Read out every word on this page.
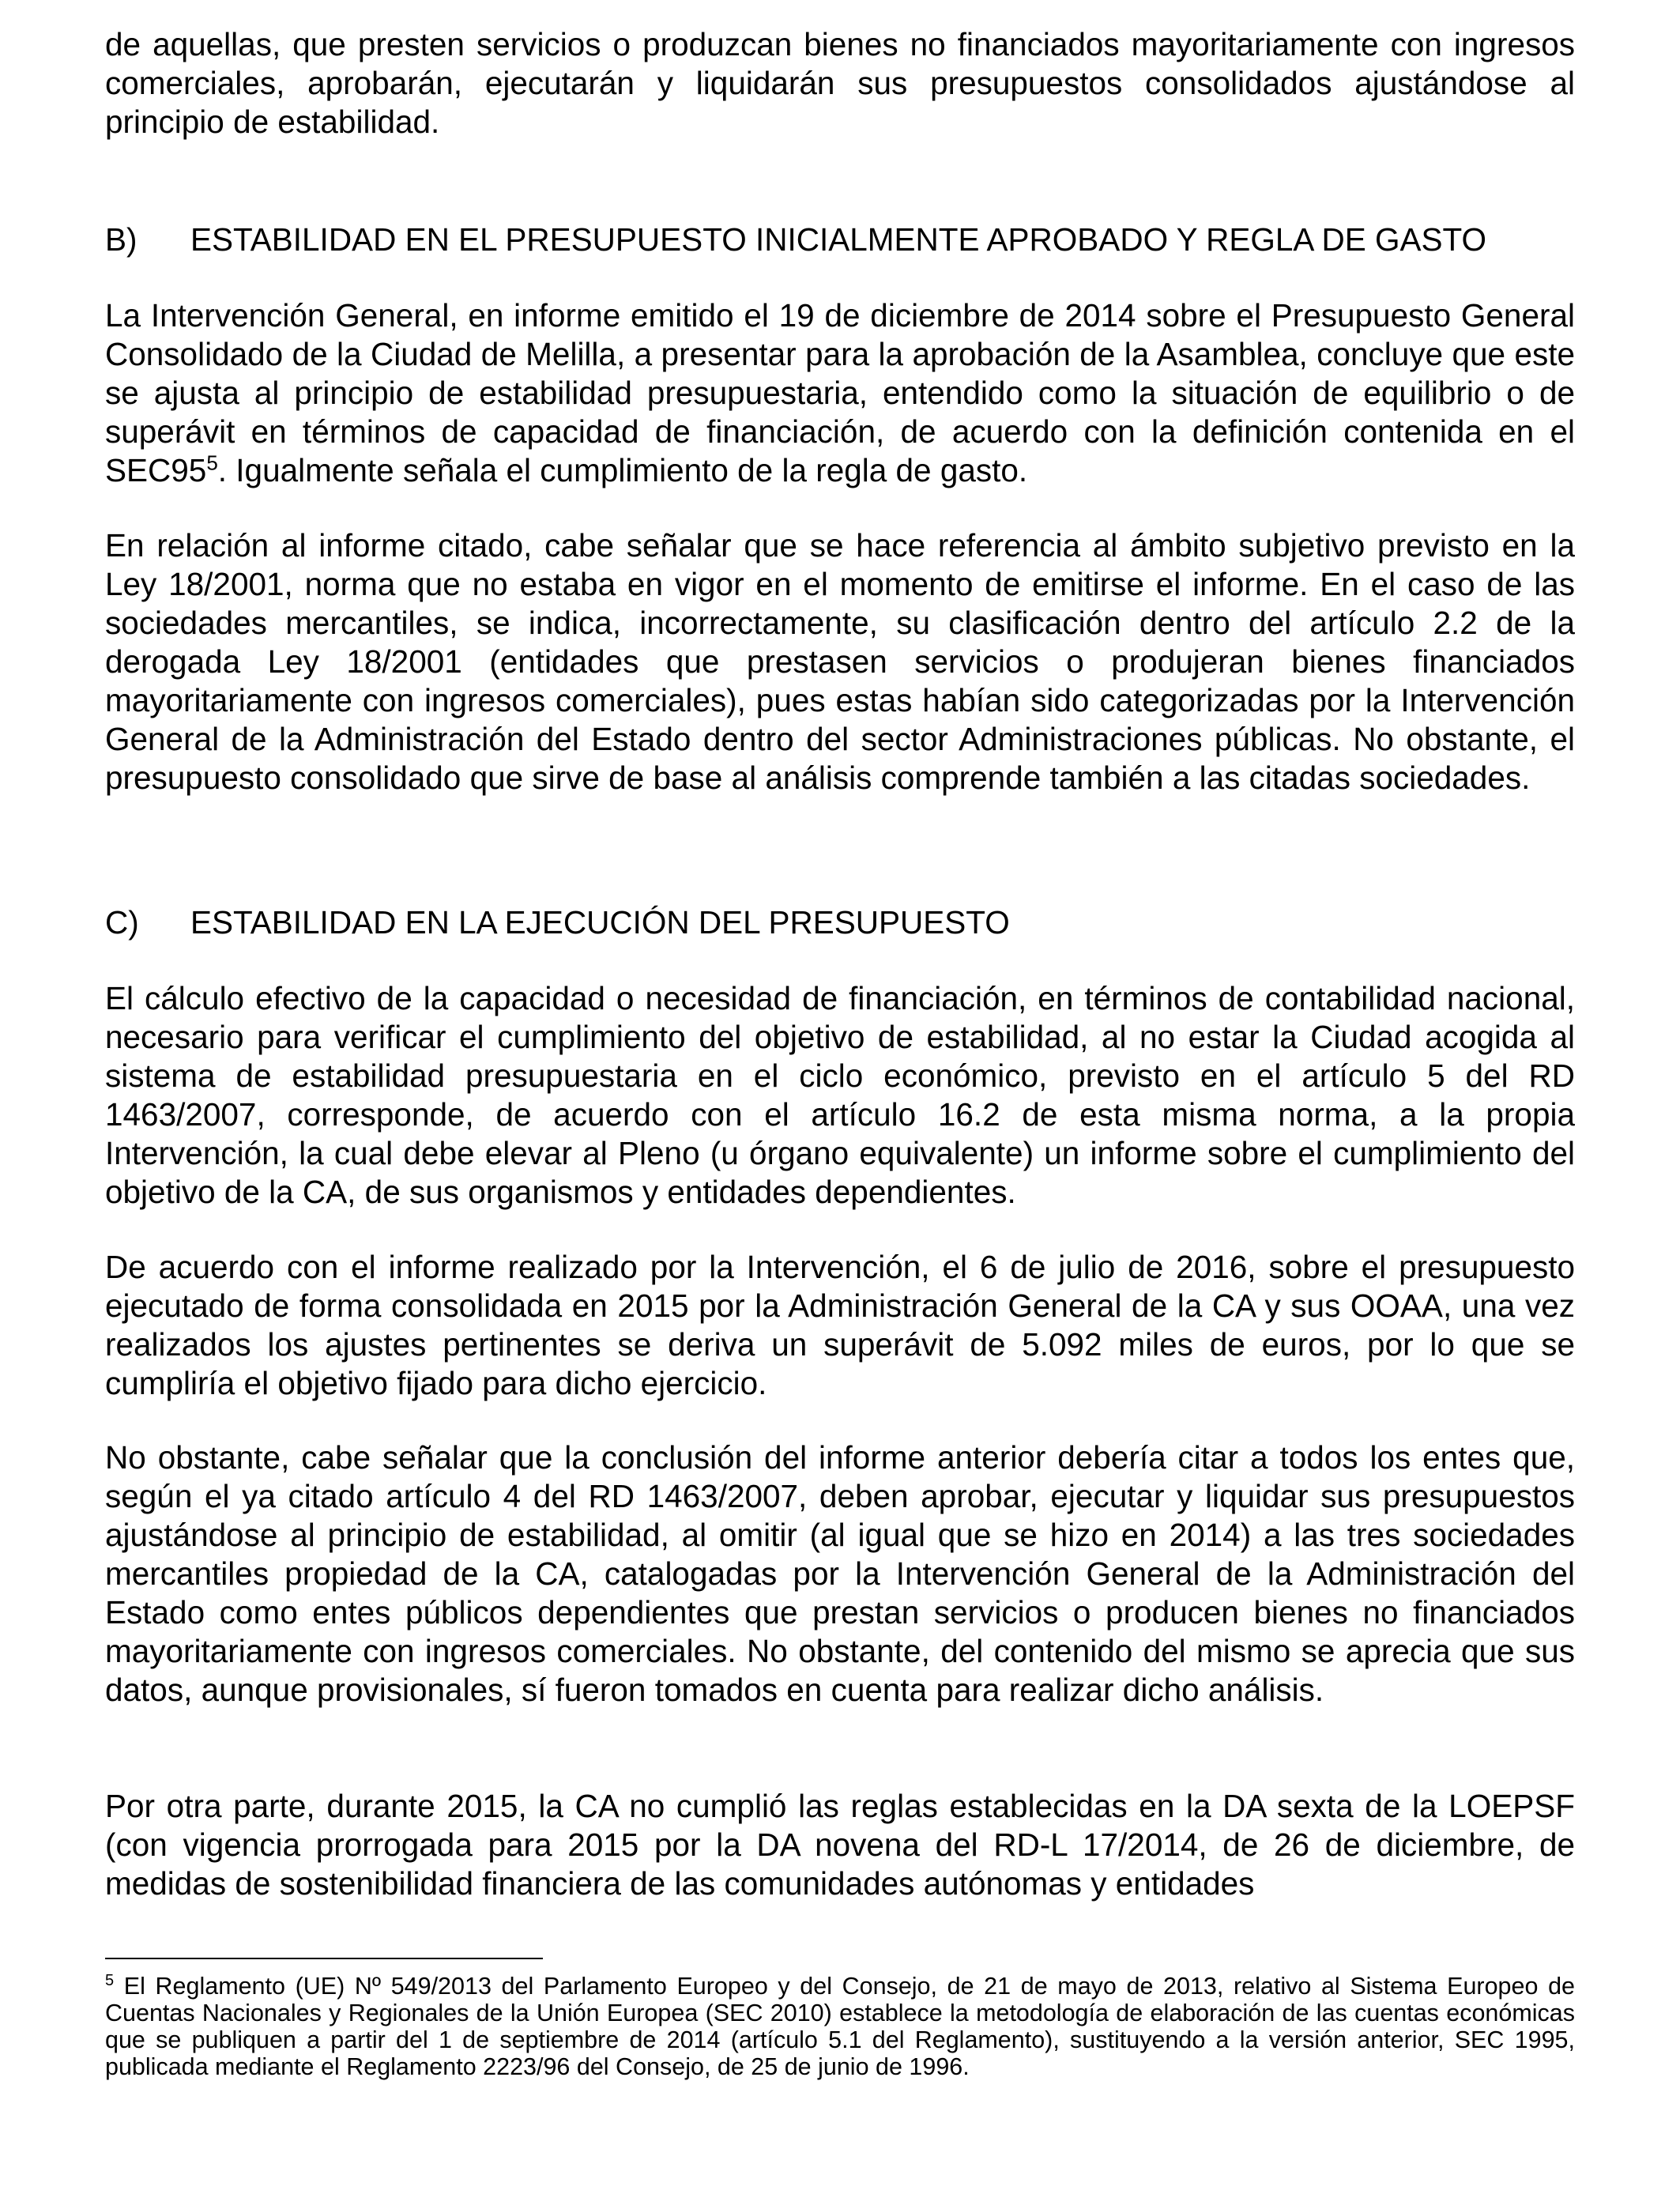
de aquellas, que presten servicios o produzcan bienes no financiados mayoritariamente con ingresos comerciales, aprobarán, ejecutarán y liquidarán sus presupuestos consolidados ajustándose al principio de estabilidad.

B) ESTABILIDAD EN EL PRESUPUESTO INICIALMENTE APROBADO Y REGLA DE GASTO

La Intervención General, en informe emitido el 19 de diciembre de 2014 sobre el Presupuesto General Consolidado de la Ciudad de Melilla, a presentar para la aprobación de la Asamblea, concluye que este se ajusta al principio de estabilidad presupuestaria, entendido como la situación de equilibrio o de superávit en términos de capacidad de financiación, de acuerdo con la definición contenida en el $SEC95^5$. Igualmente señala el cumplimiento de la regla de gasto.

En relación al informe citado, cabe señalar que se hace referencia al ámbito subjetivo previsto en la Ley 18/2001, norma que no estaba en vigor en el momento de emitirse el informe. En el caso de las sociedades mercantiles, se indica, incorrectamente, su clasificación dentro del artículo 2.2 de la derogada Ley 18/2001 (entidades que prestasen servicios o produjeran bienes financiados mayoritariamente con ingresos comerciales), pues estas habían sido categorizadas por la Intervención General de la Administración del Estado dentro del sector Administraciones públicas. No obstante, el presupuesto consolidado que sirve de base al análisis comprende también a las citadas sociedades.

C) ESTABILIDAD EN LA EJECUCIÓN DEL PRESUPUESTO

El cálculo efectivo de la capacidad o necesidad de financiación, en términos de contabilidad nacional, necesario para verificar el cumplimiento del objetivo de estabilidad, al no estar la Ciudad acogida al sistema de estabilidad presupuestaria en el ciclo económico, previsto en el artículo 5 del RD 1463/2007, corresponde, de acuerdo con el artículo 16.2 de esta misma norma, a la propia Intervención, la cual debe elevar al Pleno (u órgano equivalente) un informe sobre el cumplimiento del objetivo de la CA, de sus organismos y entidades dependientes.

De acuerdo con el informe realizado por la Intervención, el 6 de julio de 2016, sobre el presupuesto ejecutado de forma consolidada en 2015 por la Administración General de la CA y sus OOAA, una vez realizados los ajustes pertinentes se deriva un superávit de 5.092 miles de euros, por lo que se cumpliría el objetivo fijado para dicho ejercicio.

No obstante, cabe señalar que la conclusión del informe anterior debería citar a todos los entes que, según el ya citado artículo 4 del RD 1463/2007, deben aprobar, ejecutar y liquidar sus presupuestos ajustándose al principio de estabilidad, al omitir (al igual que se hizo en 2014) a las tres sociedades mercantiles propiedad de la CA, catalogadas por la Intervención General de la Administración del Estado como entes públicos dependientes que prestan servicios o producen bienes no financiados mayoritariamente con ingresos comerciales. No obstante, del contenido del mismo se aprecia que sus datos, aunque provisionales, sí fueron tomados en cuenta para realizar dicho análisis.

Por otra parte, durante 2015, la CA no cumplió las reglas establecidas en la DA sexta de la LOEPSF (con vigencia prorrogada para 2015 por la DA novena del RD-L 17/2014, de 26 de diciembre, de medidas de sostenibilidad financiera de las comunidades autónomas y entidades

$^5$ El Reglamento (UE) Nº 549/2013 del Parlamento Europeo y del Consejo, de 21 de mayo de 2013, relativo al Sistema Europeo de Cuentas Nacionales y Regionales de la Unión Europea (SEC 2010) establece la metodología de elaboración de las cuentas económicas que se publiquen a partir del 1 de septiembre de 2014 (artículo 5.1 del Reglamento), sustituyendo a la versión anterior, SEC 1995, publicada mediante el Reglamento 2223/96 del Consejo, de 25 de junio de 1996.
